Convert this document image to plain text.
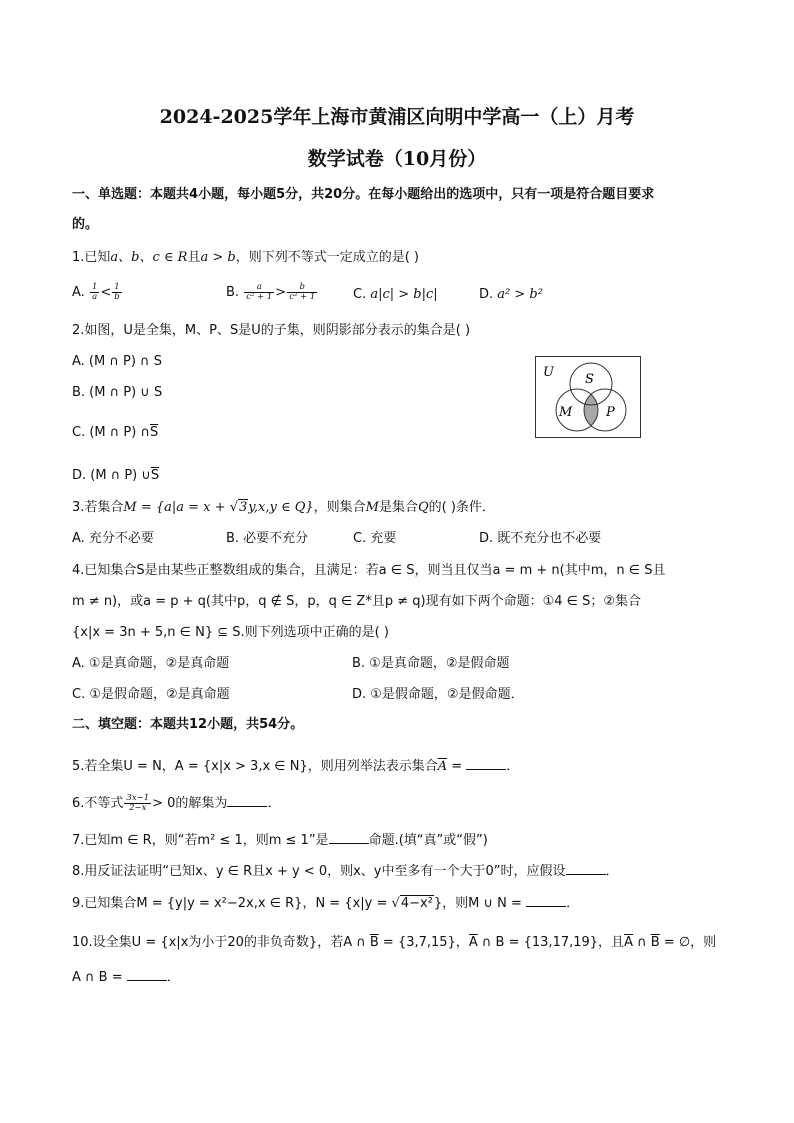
2024-2025学年上海市黄浦区向明中学高一（上）月考
数学试卷（10月份）
一、单选题：本题共4小题，每小题5分，共20分。在每小题给出的选项中，只有一项是符合题目要求
的。
1.已知a、b、c ∈ R且a > b，则下列不等式一定成立的是( )
A. $\frac{1}{a} < \frac{1}{b}$	B. $\frac{a}{\text{c² + 1}} > \frac{b}{\text{c² + 1}}$	C. a|c| > b|c|	D. a² > b²
2.如图，U是全集，M、P、S是U的子集，则阴影部分表示的集合是( )
A. (M ∩ P) ∩ S
B. (M ∩ P) ∪ S
C. (M ∩ P) $\cap\overline{S}$
D. (M ∩ P) $\cup\overline{S}$
U S
M	P
3.若集合M = {a|a = x + √3y,x,y ∈ Q}，则集合M是集合Q的( )条件．
A. 充分不必要	B. 必要不充分	C. 充要	D. 既不充分也不必要
4.已知集合S是由某些正整数组成的集合，且满足：若a ∈ S，则当且仅当a = m + n(其中m，n ∈ S且
m ≠ n)，或a = p + q(其中p，q ∉ S，p，q ∈ Z*且p ≠ q)现有如下两个命题：①4 ∈ S；②集合
{x|x = 3n + 5,n ∈ N} ⊆ S.则下列选项中正确的是( )
A. ①是真命题，②是真命题	B. ①是真命题，②是假命题
C. ①是假命题，②是真命题	D. ①是假命题，②是假命题．
二、填空题：本题共12小题，共54分。
5.若全集U = N，A = {x|x > 3,x ∈ N}，则用列举法表示集合$\overline{A}$ =	．
6.不等式 $\frac{3x-1}{2-x} > 0$的解集为	．
7.已知m ∈ R，则“若m² ≤ 1，则m ≤ 1”是	命题.(填“真”或“假”)
8.用反证法证明“已知x、y ∈ R且x + y < 0，则x、y中至多有一个大于0”时，应假设	．
9.已知集合M = {y|y = x²−2x,x ∈ R}，N = {x|y = √4−x²}，则M ∪ N =	．
10.设全集U = {x|x为小于20的非负奇数}，若A ∩ $\overline{B} = \{3,7,15\}$，$\overline{A}$ ∩ B = {13,17,19}，且$\overline{A}$ ∩ $\overline{B}$ = ∅，则
A ∩ B =	．
